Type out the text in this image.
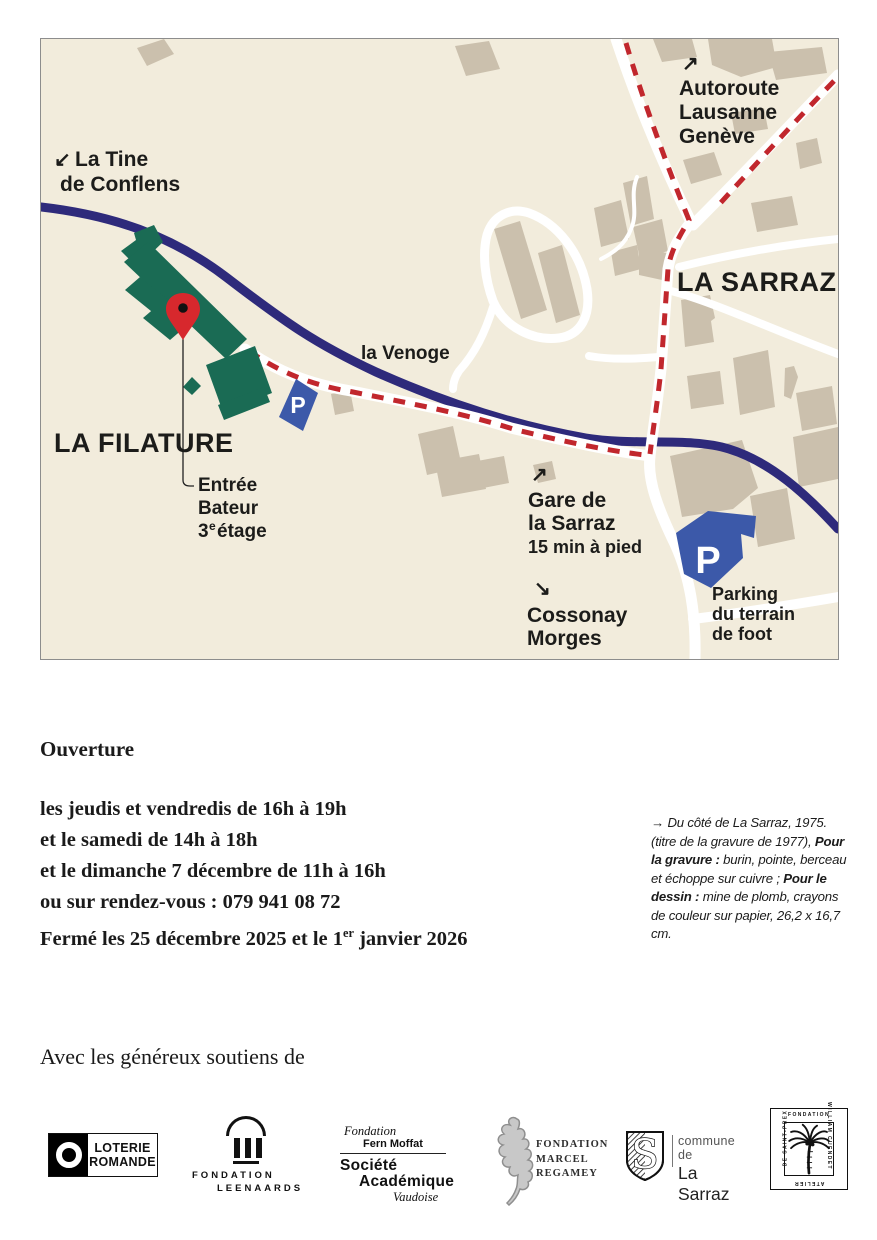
P
P
↙ La Tine
de Conflens
↗
Autoroute
Lausanne
Genève
LA SARRAZ
la Venoge
LA FILATURE
Entrée
Bateur
3 e étage
↗
Gare de
la Sarraz
15 min à pied
↘
Cossonay
Morges
Parking
du terrain
de foot
Ouverture
les jeudis et vendredis de 16h à 19h
et le samedi de 14h à 18h
et le dimanche 7 décembre de 11h à 16h
ou sur rendez-vous : 079 941 08 72
Fermé les 25 décembre 2025 et le 1er janvier 2026
→ Du côté de La Sarraz, 1975. (titre de la gravure de 1977), Pour la gravure : burin, pointe, berceau et échoppe sur cuivre ; Pour le dessin : mine de plomb, crayons de couleur sur papier, 26,2 x 16,7 cm.
Avec les généreux soutiens de
LOTERIE
ROMANDE
FONDATION
LEENAARDS
Fondation
Fern Moffat
Société
Académique
Vaudoise
FONDATION
MARCEL
REGAMEY S commune de
La Sarraz
FONDATION
ATELIER
DE SAINT-PREX	WILLIAM CUENDET
